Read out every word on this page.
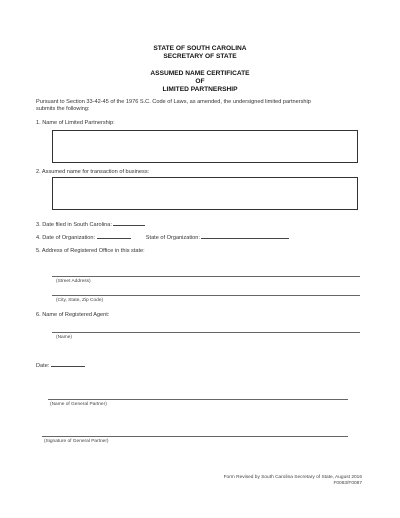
STATE OF SOUTH CAROLINA
SECRETARY OF STATE
ASSUMED NAME CERTIFICATE
OF
LIMITED PARTNERSHIP
Pursuant to Section 33-42-45 of the 1976 S.C. Code of Laws, as amended, the undersigned limited partnership
submits the following:
1. Name of Limited Partnership:
2. Assumed name for transaction of business:
3. Date filed in South Carolina:
4. Date of Organization:	State of Organization:
5. Address of Registered Office in this state:
(Street Address)
(City, State, Zip Code)
6. Name of Registered Agent:
(Name)
Date:
(Name of General Partner)
(Signature of General Partner)
Form Revised by South Carolina Secretary of State, August 2016
F0083/F0087
